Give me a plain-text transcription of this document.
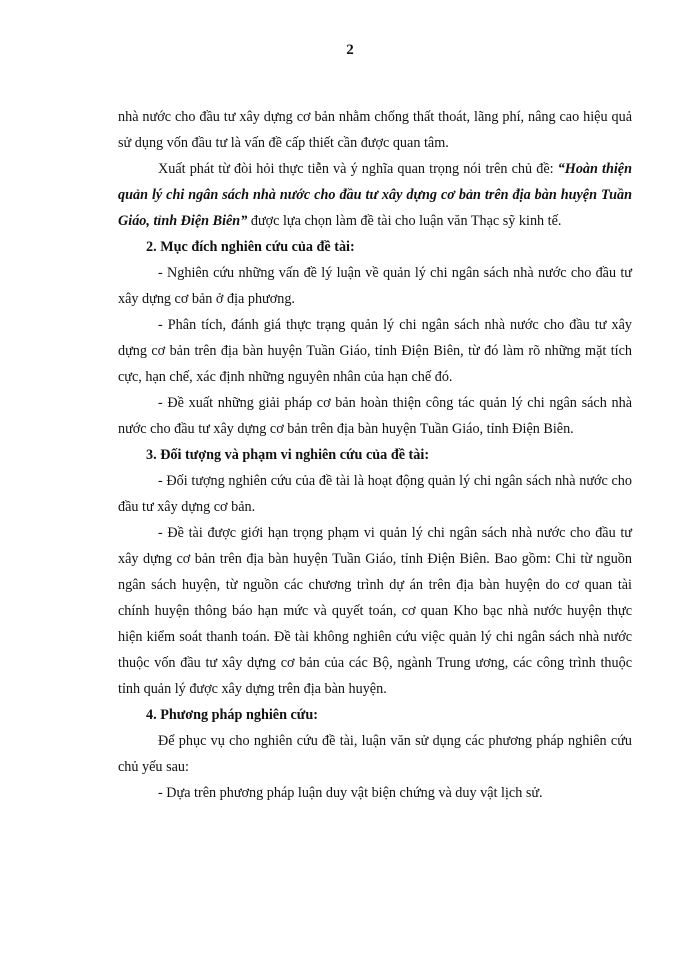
2

nhà nước cho đầu tư xây dựng cơ bản nhằm chống thất thoát, lãng phí, nâng cao hiệu quả sử dụng vốn đầu tư là vấn đề cấp thiết cần được quan tâm.

Xuất phát từ đòi hỏi thực tiễn và ý nghĩa quan trọng nói trên chủ đề: “Hoàn thiện quản lý chi ngân sách nhà nước cho đầu tư xây dựng cơ bản trên địa bàn huyện Tuần Giáo, tỉnh Điện Biên” được lựa chọn làm đề tài cho luận văn Thạc sỹ kinh tế.

2. Mục đích nghiên cứu của đề tài:

- Nghiên cứu những vấn đề lý luận về quản lý chi ngân sách nhà nước cho đầu tư xây dựng cơ bản ở địa phương.

- Phân tích, đánh giá thực trạng quản lý chi ngân sách nhà nước cho đầu tư xây dựng cơ bản trên địa bàn huyện Tuần Giáo, tỉnh Điện Biên, từ đó làm rõ những mặt tích cực, hạn chế, xác định những nguyên nhân của hạn chế đó.

- Đề xuất những giải pháp cơ bản hoàn thiện công tác quản lý chi ngân sách nhà nước cho đầu tư xây dựng cơ bản trên địa bàn huyện Tuần Giáo, tỉnh Điện Biên.

3. Đối tượng và phạm vi nghiên cứu của đề tài:

- Đối tượng nghiên cứu của đề tài là hoạt động quản lý chi ngân sách nhà nước cho đầu tư xây dựng cơ bản.

- Đề tài được giới hạn trọng phạm vi quản lý chi ngân sách nhà nước cho đầu tư xây dựng cơ bản trên địa bàn huyện Tuần Giáo, tỉnh Điện Biên. Bao gồm: Chi từ nguồn ngân sách huyện, từ nguồn các chương trình dự án trên địa bàn huyện do cơ quan tài chính huyện thông báo hạn mức và quyết toán, cơ quan Kho bạc nhà nước huyện thực hiện kiểm soát thanh toán. Đề tài không nghiên cứu việc quản lý chi ngân sách nhà nước thuộc vốn đầu tư xây dựng cơ bản của các Bộ, ngành Trung ương, các công trình thuộc tỉnh quản lý được xây dựng trên địa bàn huyện.

4. Phương pháp nghiên cứu:

Để phục vụ cho nghiên cứu đề tài, luận văn sử dụng các phương pháp nghiên cứu chủ yếu sau:

- Dựa trên phương pháp luận duy vật biện chứng và duy vật lịch sử.
